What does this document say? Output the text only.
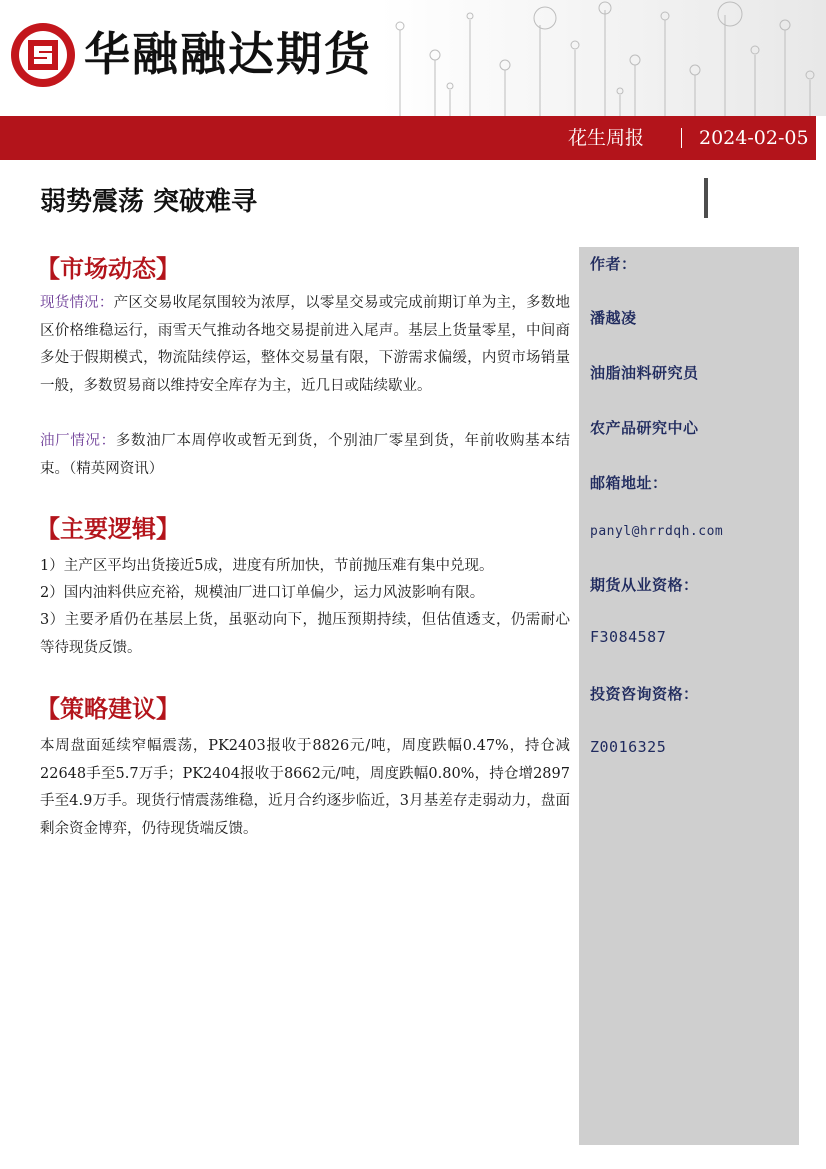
华融融达期货
花生周报	2024-02-05
弱势震荡 突破难寻
作者：
潘越凌
油脂油料研究员
农产品研究中心
邮箱地址：
panyl@hrrdqh.com
期货从业资格：
F3084587
投资咨询资格：
Z0016325
【市场动态】
现货情况：产区交易收尾氛围较为浓厚，以零星交易或完成前期订单为主，多数地区价格维稳运行，雨雪天气推动各地交易提前进入尾声。基层上货量零星，中间商多处于假期模式，物流陆续停运，整体交易量有限，下游需求偏缓，内贸市场销量一般，多数贸易商以维持安全库存为主，近几日或陆续歇业。
油厂情况：多数油厂本周停收或暂无到货，个别油厂零星到货，年前收购基本结束。（精英网资讯）
【主要逻辑】
1）主产区平均出货接近5成，进度有所加快，节前抛压难有集中兑现。
2）国内油料供应充裕，规模油厂进口订单偏少，运力风波影响有限。
3）主要矛盾仍在基层上货，虽驱动向下，抛压预期持续，但估值透支，仍需耐心等待现货反馈。
【策略建议】
本周盘面延续窄幅震荡，PK2403报收于8826元/吨，周度跌幅0.47%，持仓减22648手至5.7万手；PK2404报收于8662元/吨，周度跌幅0.80%，持仓增2897手至4.9万手。现货行情震荡维稳，近月合约逐步临近，3月基差存走弱动力，盘面剩余资金博弈，仍待现货端反馈。
